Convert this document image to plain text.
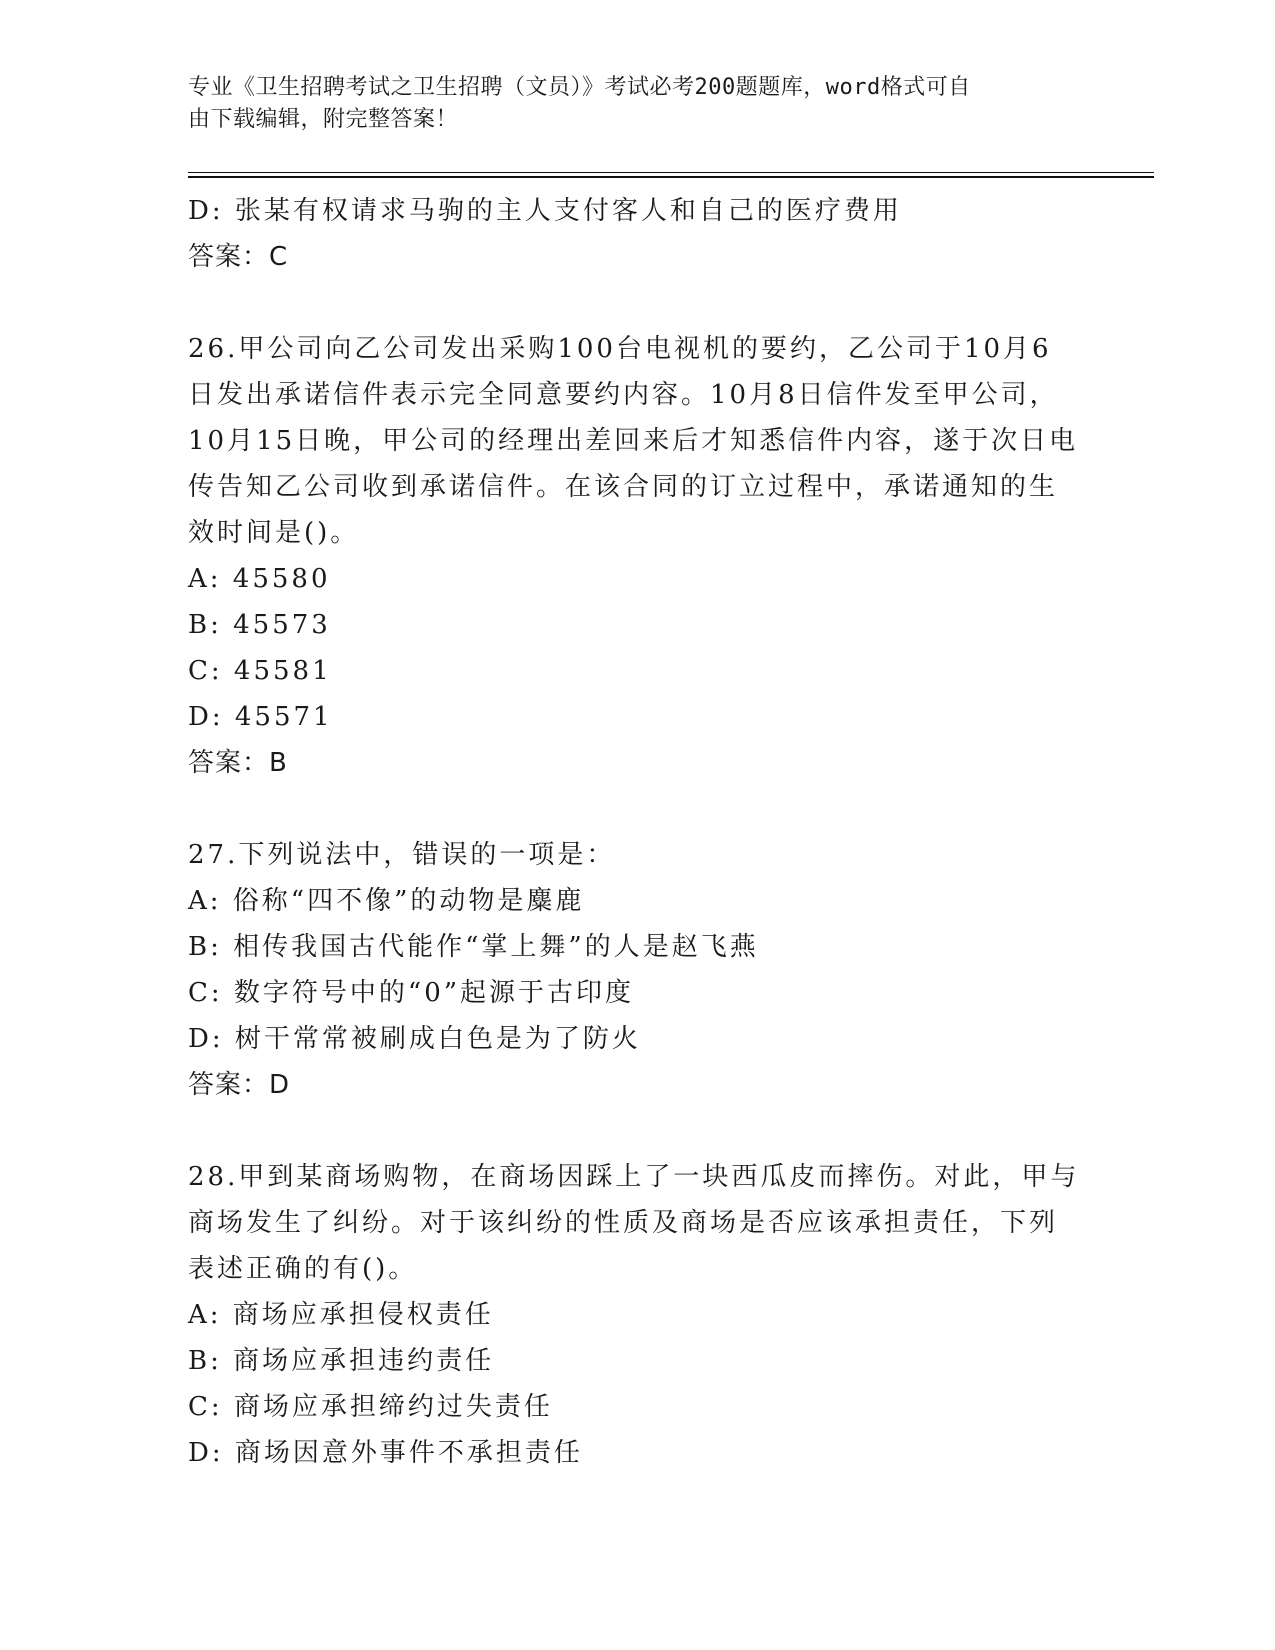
专业《卫生招聘考试之卫生招聘（文员）》考试必考200题题库，word格式可自
由下载编辑，附完整答案！
D: 张某有权请求马驹的主人支付客人和自己的医疗费用
答案：C
26.甲公司向乙公司发出采购100台电视机的要约，乙公司于10月6
日发出承诺信件表示完全同意要约内容。10月8日信件发至甲公司，
10月15日晚，甲公司的经理出差回来后才知悉信件内容，遂于次日电
传告知乙公司收到承诺信件。在该合同的订立过程中，承诺通知的生
效时间是()。
A: 45580
B: 45573
C: 45581
D: 45571
答案：B
27.下列说法中，错误的一项是：
A: 俗称“四不像”的动物是麋鹿
B: 相传我国古代能作“掌上舞”的人是赵飞燕
C: 数字符号中的“0”起源于古印度
D: 树干常常被刷成白色是为了防火
答案：D
28.甲到某商场购物，在商场因踩上了一块西瓜皮而摔伤。对此，甲与
商场发生了纠纷。对于该纠纷的性质及商场是否应该承担责任，下列
表述正确的有()。
A: 商场应承担侵权责任
B: 商场应承担违约责任
C: 商场应承担缔约过失责任
D: 商场因意外事件不承担责任
